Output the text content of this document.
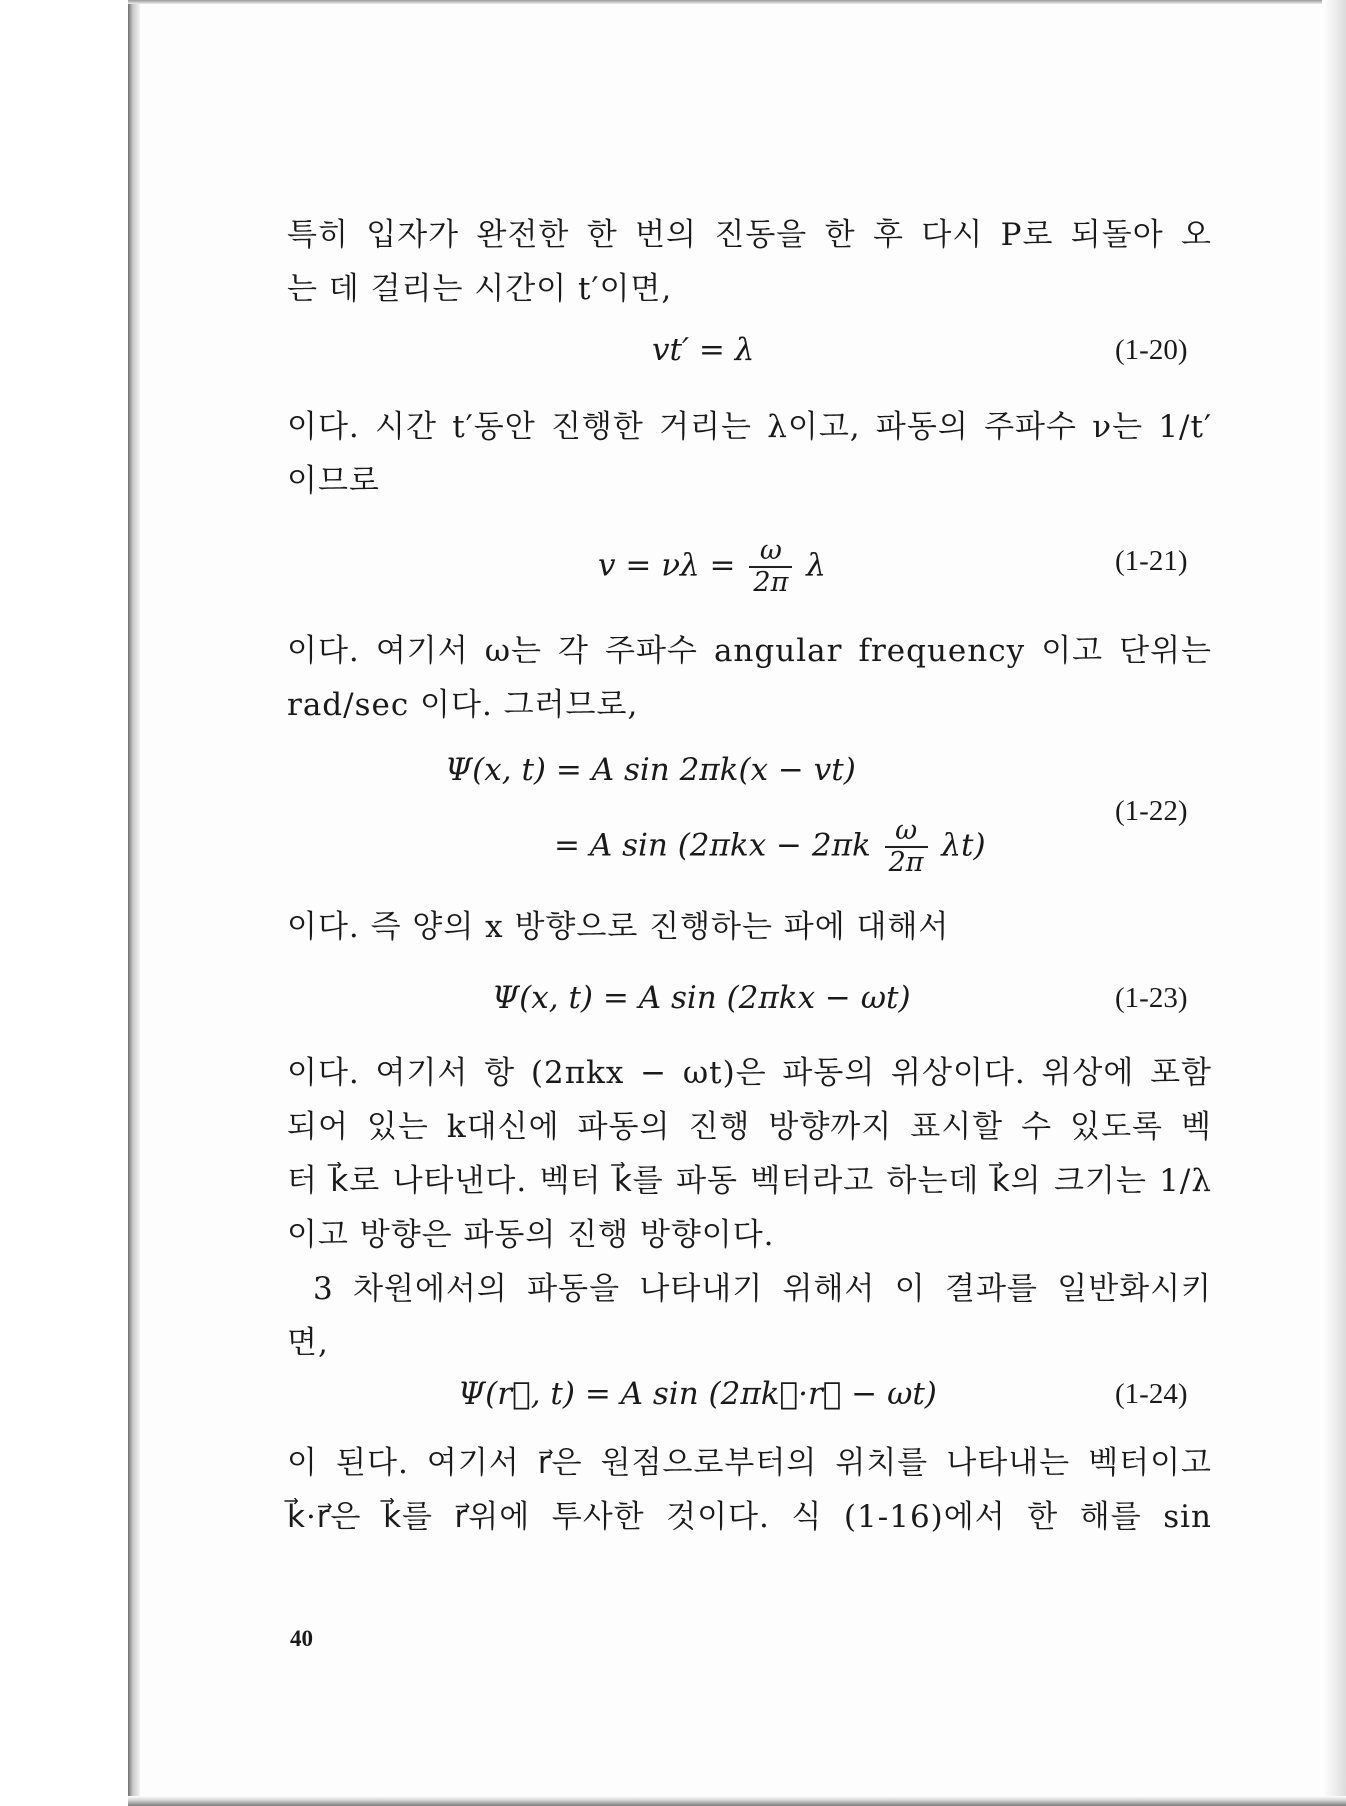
특히 입자가 완전한 한 번의 진동을 한 후 다시 P로 되돌아 오
는 데 걸리는 시간이 t′이면,
vt′ = λ	(1-20)
이다. 시간 t′동안 진행한 거리는 λ이고, 파동의 주파수 ν는 1/t′
이므로
$v = \nu\lambda = \frac{\omega}{2\pi}$ λ	(1-21)
이다. 여기서 ω는 각 주파수 angular frequency 이고 단위는
rad/sec 이다. 그러므로,
Ψ(x, t) = A sin 2πk(x − vt)
= A $\sin (2\pi kx - 2\pi k \frac{\omega}{2\pi} \lambda t)$
(1-22)
이다. 즉 양의 x 방향으로 진행하는 파에 대해서
Ψ(x, t) = A sin (2πkx − ωt)	(1-23)
이다. 여기서 항 (2πkx − ωt)은 파동의 위상이다. 위상에 포함
되어 있는 k대신에 파동의 진행 방향까지 표시할 수 있도록 벡
터 k⃗로 나타낸다. 벡터 k⃗를 파동 벡터라고 하는데 k⃗의 크기는 1/λ
이고 방향은 파동의 진행 방향이다.
3 차원에서의 파동을 나타내기 위해서 이 결과를 일반화시키
면,
Ψ(r⃗, t) = A sin (2πk⃗·r⃗ − ωt)	(1-24)
이 된다. 여기서 r⃗은 원점으로부터의 위치를 나타내는 벡터이고
k⃗·r⃗은 k⃗를 r⃗위에 투사한 것이다. 식 (1-16)에서 한 해를 sin
40
